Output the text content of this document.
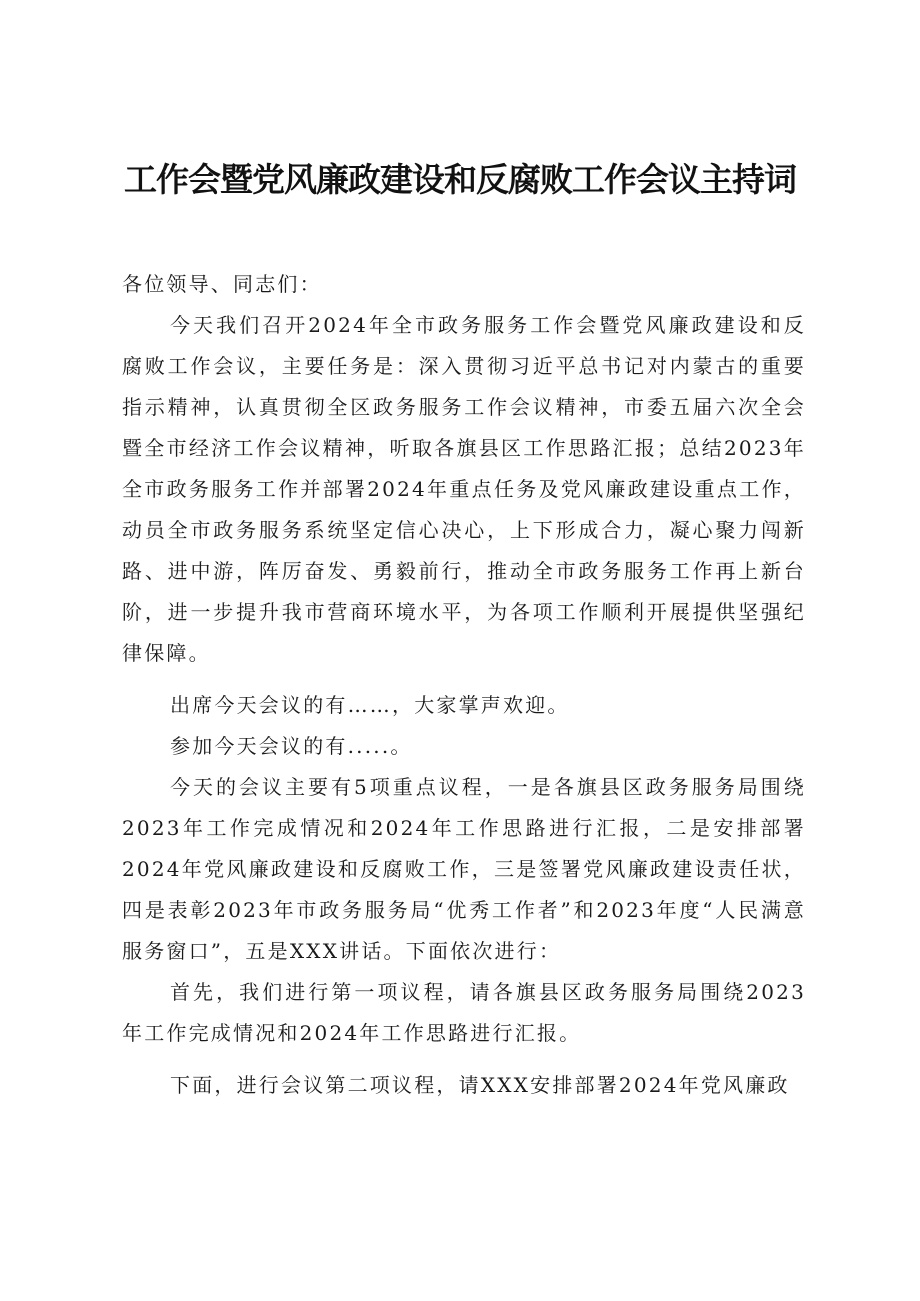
工作会暨党风廉政建设和反腐败工作会议主持词

各位领导、同志们：

今天我们召开2024年全市政务服务工作会暨党风廉政建设和反腐败工作会议，主要任务是：深入贯彻习近平总书记对内蒙古的重要指示精神，认真贯彻全区政务服务工作会议精神，市委五届六次全会暨全市经济工作会议精神，听取各旗县区工作思路汇报；总结2023年全市政务服务工作并部署2024年重点任务及党风廉政建设重点工作，动员全市政务服务系统坚定信心决心，上下形成合力，凝心聚力闯新路、进中游，阵厉奋发、勇毅前行，推动全市政务服务工作再上新台阶，进一步提升我市营商环境水平，为各项工作顺利开展提供坚强纪律保障。

出席今天会议的有……，大家掌声欢迎。

参加今天会议的有.....。

今天的会议主要有5项重点议程，一是各旗县区政务服务局围绕2023年工作完成情况和2024年工作思路进行汇报，二是安排部署2024年党风廉政建设和反腐败工作，三是签署党风廉政建设责任状，四是表彰2023年市政务服务局“优秀工作者”和2023年度“人民满意服务窗口”，五是XXX讲话。下面依次进行：

首先，我们进行第一项议程，请各旗县区政务服务局围绕2023年工作完成情况和2024年工作思路进行汇报。

下面，进行会议第二项议程，请XXX安排部署2024年党风廉政
